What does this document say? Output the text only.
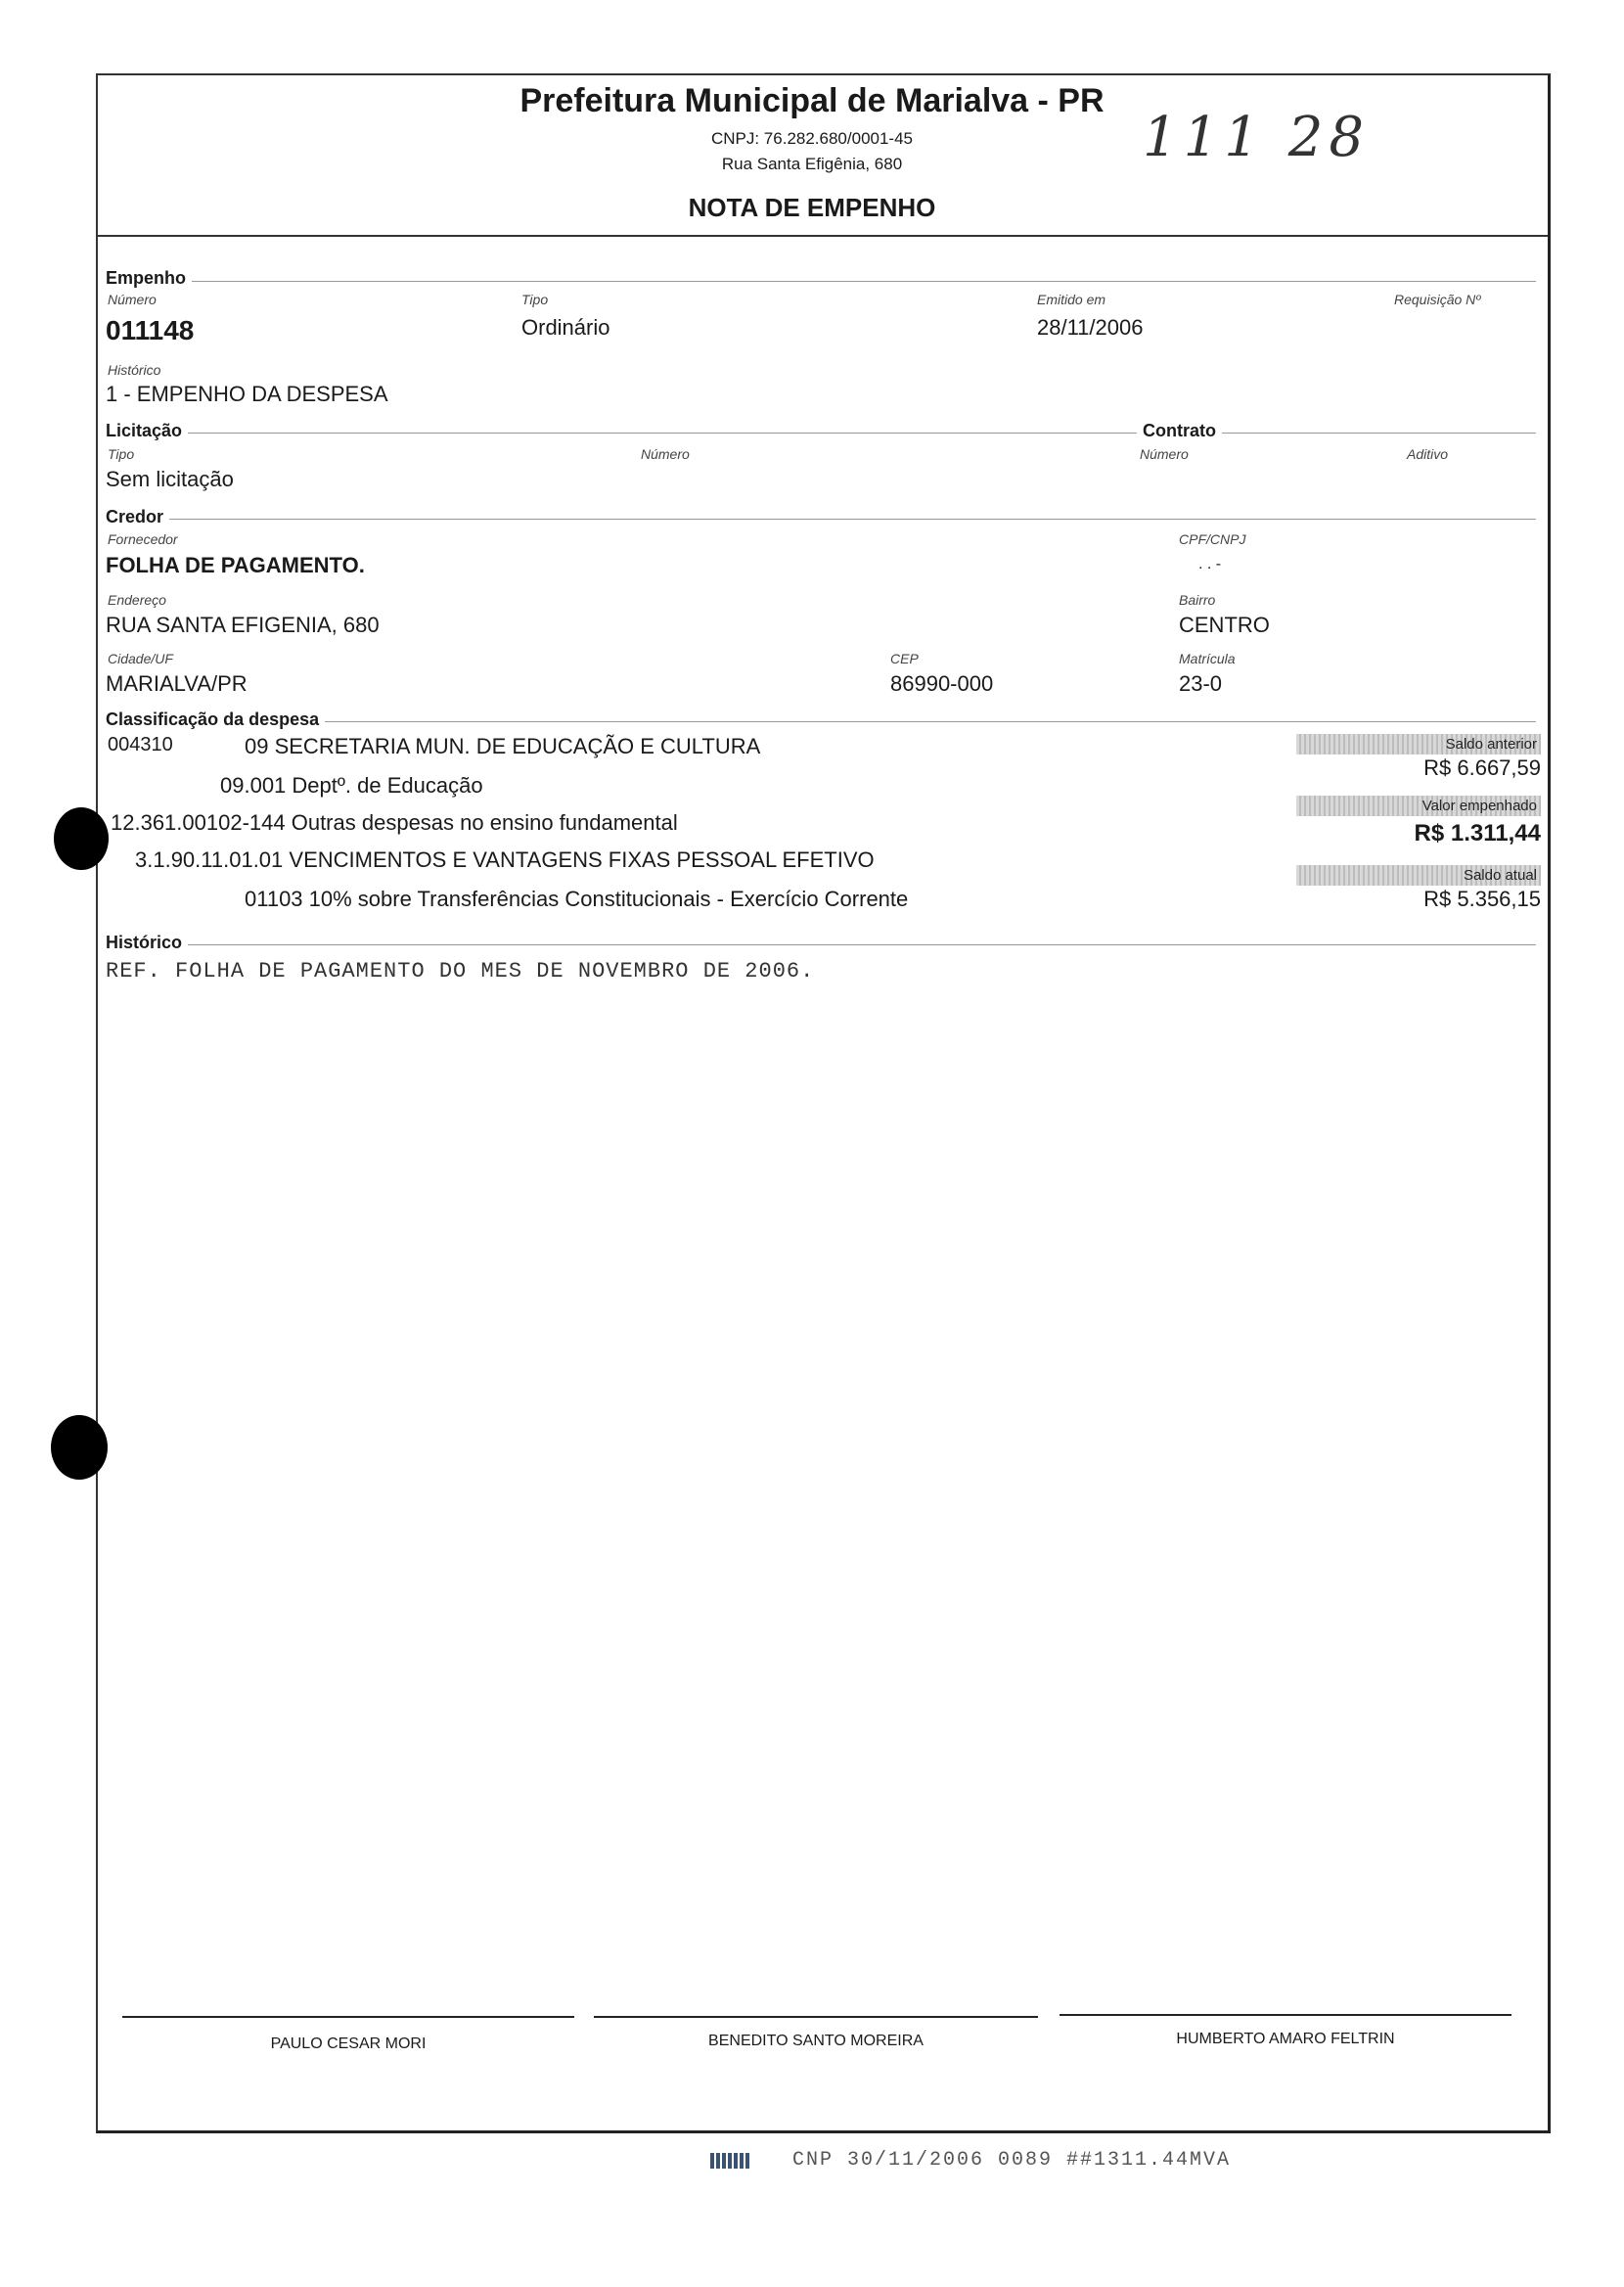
Prefeitura Municipal de Marialva - PR
CNPJ: 76.282.680/0001-45
Rua Santa Efigênia, 680
NOTA DE EMPENHO
111 28
Empenho
Número
011148
Tipo
Ordinário
Emitido em
28/11/2006
Requisição Nº
Histórico
1 - EMPENHO DA DESPESA
Licitação	Contrato
Tipo
Sem licitação
Número	Número	Aditivo
Credor
Fornecedor
FOLHA DE PAGAMENTO.
CPF/CNPJ
. . -
Endereço
RUA SANTA EFIGENIA, 680
Bairro
CENTRO
Cidade/UF
MARIALVA/PR
CEP
86990-000
Matrícula
23-0
Classificação da despesa
004310	09 SECRETARIA MUN. DE EDUCAÇÃO E CULTURA
09.001 Deptº. de Educação
12.361.00102-144 Outras despesas no ensino fundamental
3.1.90.11.01.01 VENCIMENTOS E VANTAGENS FIXAS PESSOAL EFETIVO
01103 10% sobre Transferências Constitucionais - Exercício Corrente
Saldo anterior
R$ 6.667,59
Valor empenhado
R$ 1.311,44
Saldo atual
R$ 5.356,15
Histórico
REF. FOLHA DE PAGAMENTO DO MES DE NOVEMBRO DE 2006.
PAULO CESAR MORI	BENEDITO SANTO MOREIRA	HUMBERTO AMARO FELTRIN
CNP 30/11/2006 0089 ##1311.44MVA
